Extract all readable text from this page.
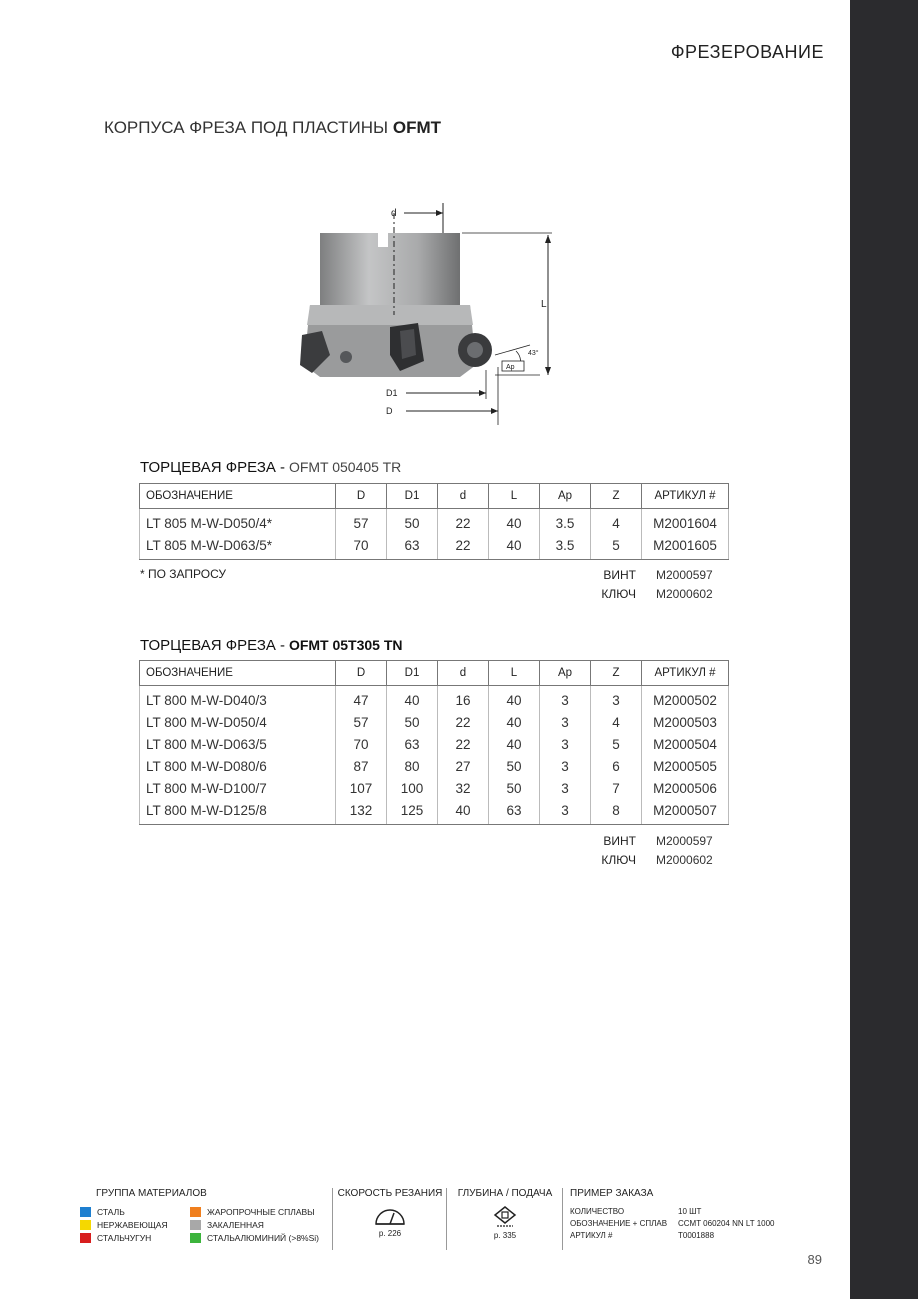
ФРЕЗЕРОВАНИЕ
КОРПУСА ФРЕЗА ПОД ПЛАСТИНЫ OFMT
d
L
43°
Ap
D1
D
ТОРЦЕВАЯ ФРЕЗА - OFMT 050405 TR
ОБОЗНАЧЕНИЕ	D	D1	d	L	Ap	Z	АРТИКУЛ #
LT 805 M-W-D050/4*	57	50	22	40	3.5	4	M2001604
LT 805 M-W-D063/5*	70	63	22	40	3.5	5	M2001605
* ПО ЗАПРОСУ	ВИНТ M2000597
КЛЮЧ M2000602
ТОРЦЕВАЯ ФРЕЗА - OFMT 05T305 TN
ОБОЗНАЧЕНИЕ	D	D1	d	L	Ap	Z	АРТИКУЛ #
LT 800 M-W-D040/3	47	40	16	40	3	3	M2000502
LT 800 M-W-D050/4	57	50	22	40	3	4	M2000503
LT 800 M-W-D063/5	70	63	22	40	3	5	M2000504
LT 800 M-W-D080/6	87	80	27	50	3	6	M2000505
LT 800 M-W-D100/7	107	100	32	50	3	7	M2000506
LT 800 M-W-D125/8	132	125	40	63	3	8	M2000507
ВИНТ M2000597
КЛЮЧ M2000602
ГРУППА МАТЕРИАЛОВ
СТАЛЬ
НЕРЖАВЕЮЩАЯ
СТАЛЬЧУГУН
ЖАРОПРОЧНЫЕ СПЛАВЫ
ЗАКАЛЕННАЯ
СТАЛЬАЛЮМИНИЙ (>8%Si)
СКОРОСТЬ РЕЗАНИЯ
p. 226
ГЛУБИНА / ПОДАЧА
p. 335
ПРИМЕР ЗАКАЗА
КОЛИЧЕСТВО	10 ШТ
ОБОЗНАЧЕНИЕ + СПЛАВ	CCMT 060204 NN LT 1000
АРТИКУЛ #	T0001888
89
